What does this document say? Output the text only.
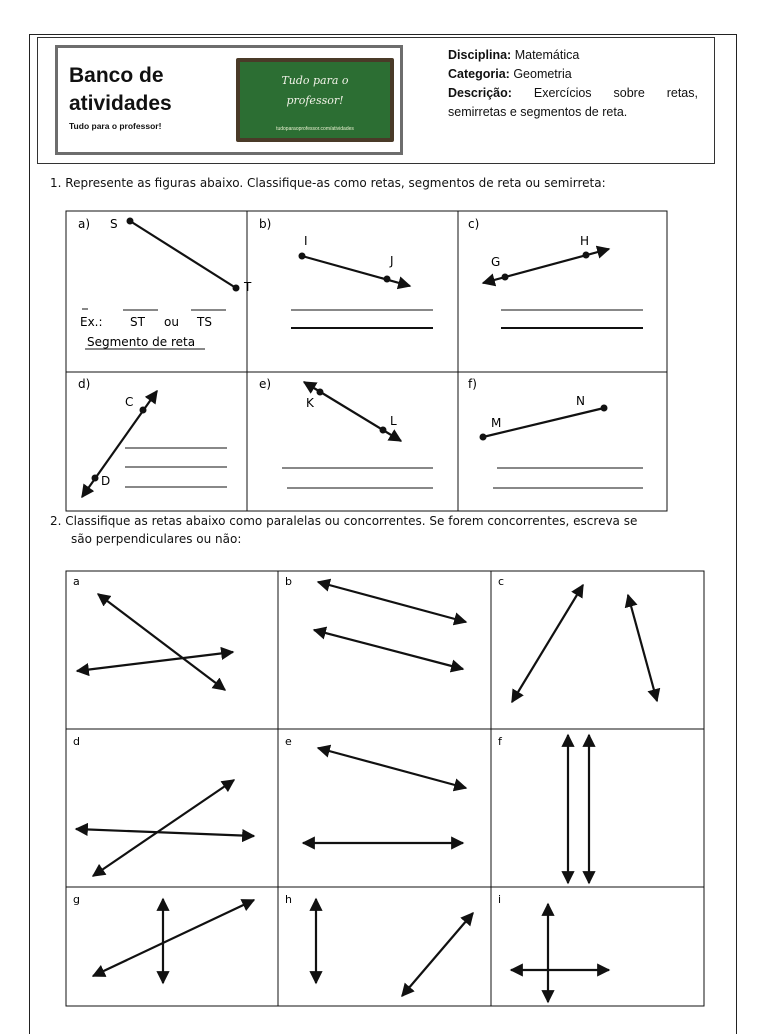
Banco de
atividades
Tudo para o professor!
Tudo para o
professor!
tudoparaoprofessor.com/atividades
Disciplina: Matemática
Categoria: Geometria
Descrição: Exercícios sobre retas, semirretas e segmentos de reta.
1. Represente as figuras abaixo. Classifique-as como retas, segmentos de reta ou semirreta:
a)	b)	c)
d)	e)	f)
S
T
Ex.: ST ou TS
Segmento de reta
I
J	G
H
C
D
K
L	M
N
a	b	c
d	e	f
g	h	i
2. Classifique as retas abaixo como paralelas ou concorrentes. Se forem concorrentes, escreva se
são perpendiculares ou não:
